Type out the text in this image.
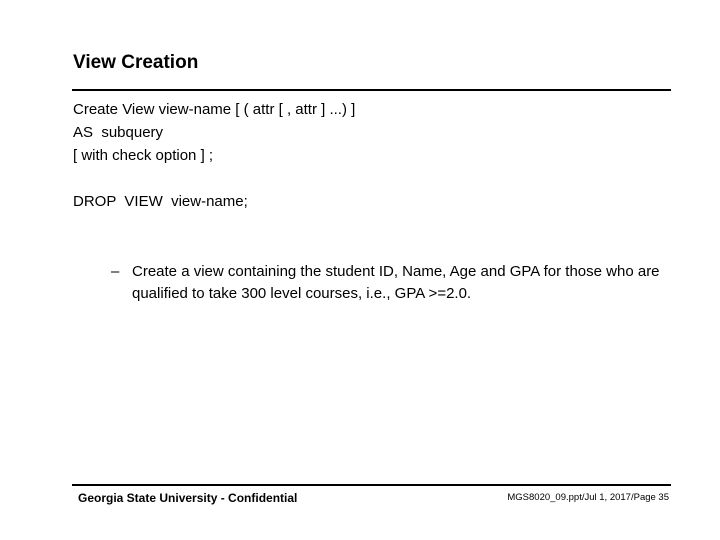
View Creation
Create View view-name [ ( attr [ , attr ] ...) ]
AS  subquery
[ with check option ] ;
DROP  VIEW  view-name;
– Create a view containing the student ID, Name, Age and GPA for those who are qualified to take 300 level courses, i.e., GPA >=2.0.
Georgia State University - Confidential	MGS8020_09.ppt/Jul 1, 2017/Page 35
